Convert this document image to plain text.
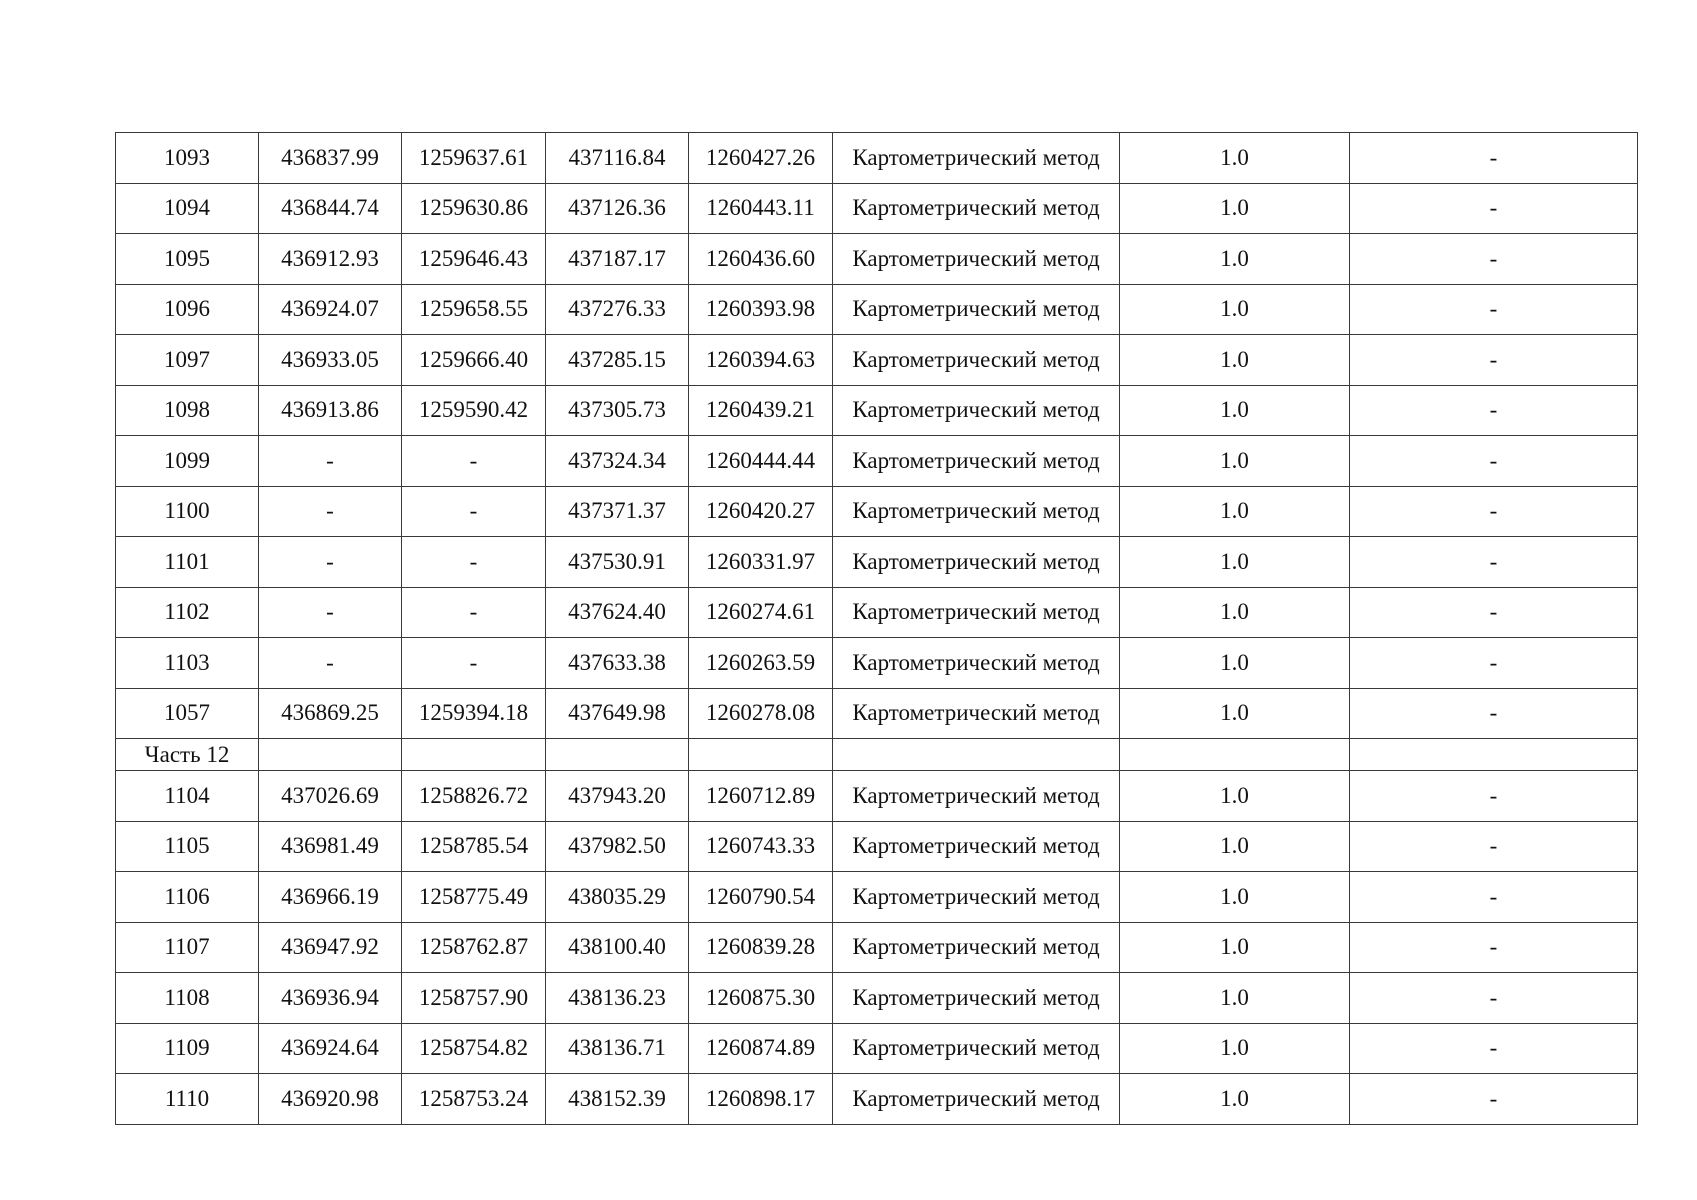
1093	436837.99	1259637.61	437116.84	1260427.26	Картометрический метод	1.0	-
1094	436844.74	1259630.86	437126.36	1260443.11	Картометрический метод	1.0	-
1095	436912.93	1259646.43	437187.17	1260436.60	Картометрический метод	1.0	-
1096	436924.07	1259658.55	437276.33	1260393.98	Картометрический метод	1.0	-
1097	436933.05	1259666.40	437285.15	1260394.63	Картометрический метод	1.0	-
1098	436913.86	1259590.42	437305.73	1260439.21	Картометрический метод	1.0	-
1099	-	-	437324.34	1260444.44	Картометрический метод	1.0	-
1100	-	-	437371.37	1260420.27	Картометрический метод	1.0	-
1101	-	-	437530.91	1260331.97	Картометрический метод	1.0	-
1102	-	-	437624.40	1260274.61	Картометрический метод	1.0	-
1103	-	-	437633.38	1260263.59	Картометрический метод	1.0	-
1057	436869.25	1259394.18	437649.98	1260278.08	Картометрический метод	1.0	-
Часть 12							
1104	437026.69	1258826.72	437943.20	1260712.89	Картометрический метод	1.0	-
1105	436981.49	1258785.54	437982.50	1260743.33	Картометрический метод	1.0	-
1106	436966.19	1258775.49	438035.29	1260790.54	Картометрический метод	1.0	-
1107	436947.92	1258762.87	438100.40	1260839.28	Картометрический метод	1.0	-
1108	436936.94	1258757.90	438136.23	1260875.30	Картометрический метод	1.0	-
1109	436924.64	1258754.82	438136.71	1260874.89	Картометрический метод	1.0	-
1110	436920.98	1258753.24	438152.39	1260898.17	Картометрический метод	1.0	-
